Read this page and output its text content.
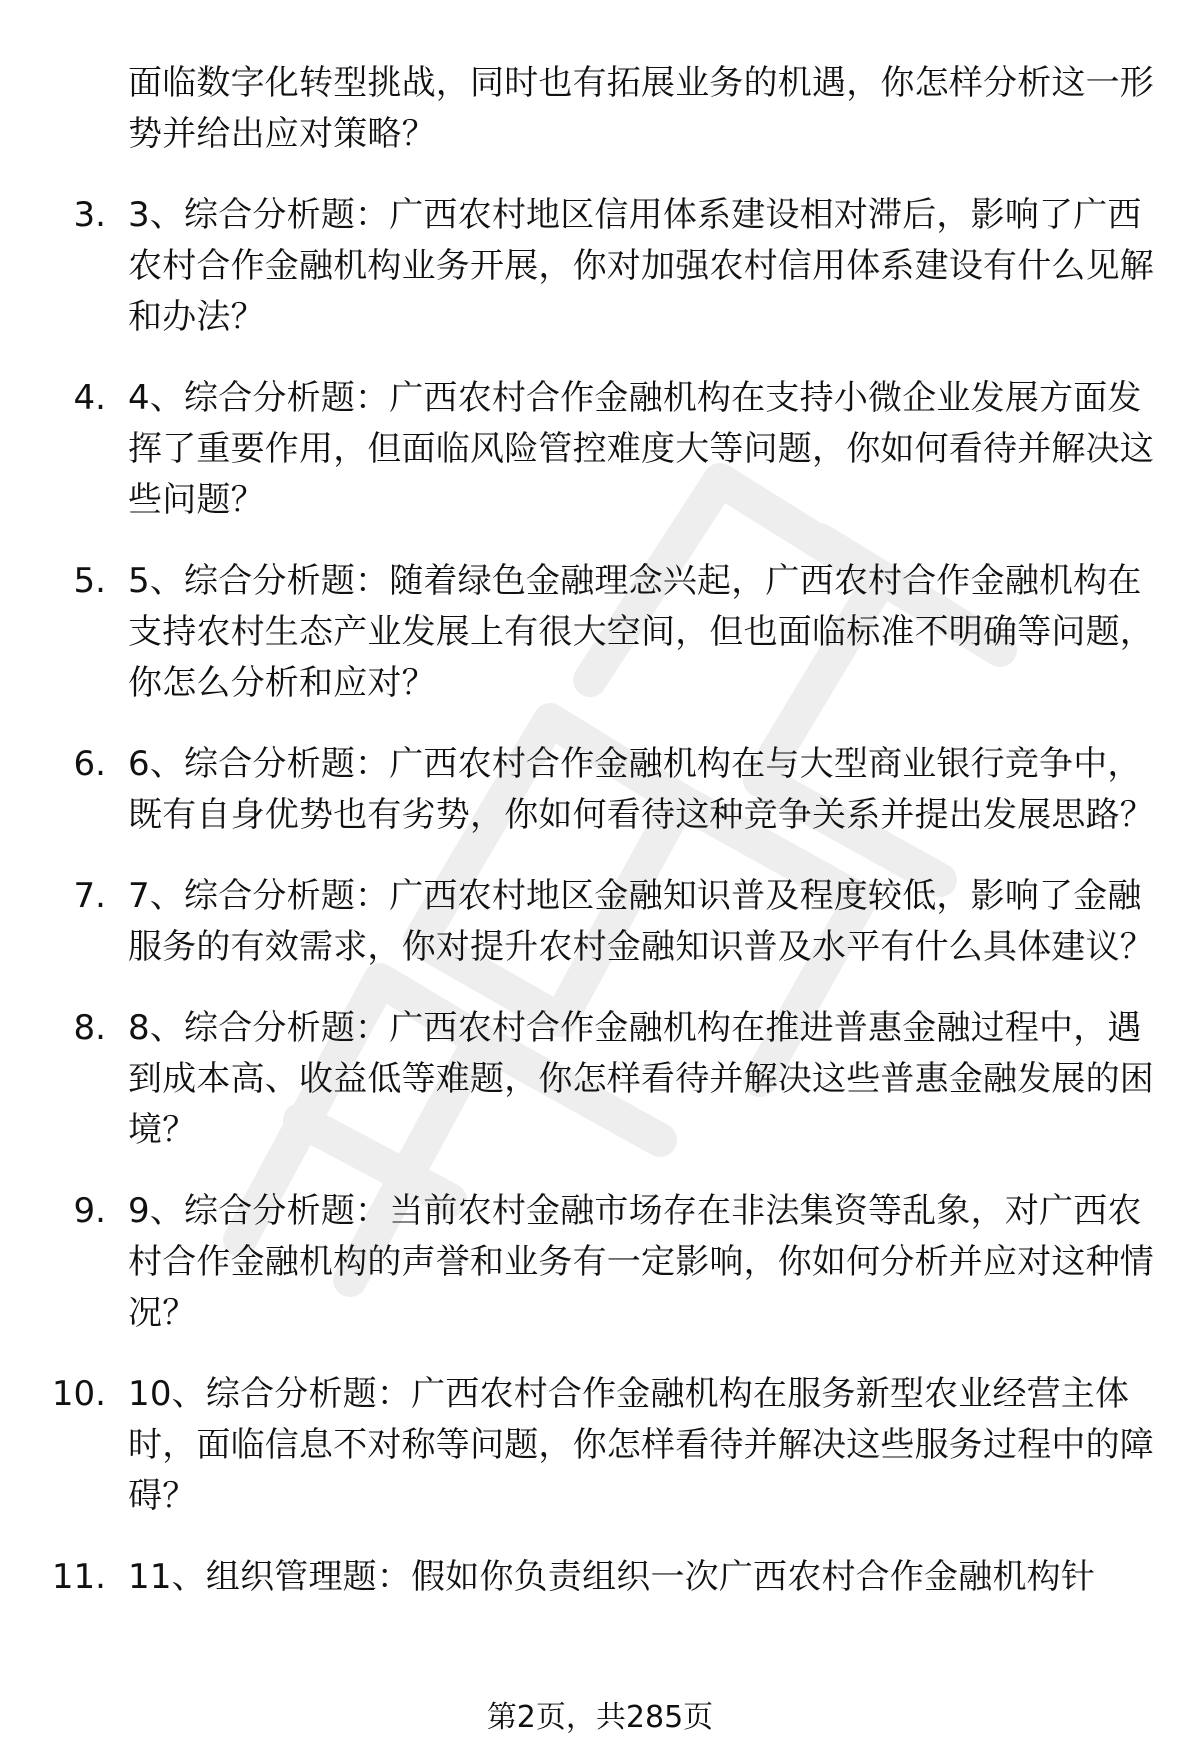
面临数字化转型挑战，同时也有拓展业务的机遇，你怎样分析这一形势并给出应对策略？

3. 3、综合分析题：广西农村地区信用体系建设相对滞后，影响了广西农村合作金融机构业务开展，你对加强农村信用体系建设有什么见解和办法？
4. 4、综合分析题：广西农村合作金融机构在支持小微企业发展方面发挥了重要作用，但面临风险管控难度大等问题，你如何看待并解决这些问题？
5. 5、综合分析题：随着绿色金融理念兴起，广西农村合作金融机构在支持农村生态产业发展上有很大空间，但也面临标准不明确等问题，你怎么分析和应对？
6. 6、综合分析题：广西农村合作金融机构在与大型商业银行竞争中，既有自身优势也有劣势，你如何看待这种竞争关系并提出发展思路？
7. 7、综合分析题：广西农村地区金融知识普及程度较低，影响了金融服务的有效需求，你对提升农村金融知识普及水平有什么具体建议？
8. 8、综合分析题：广西农村合作金融机构在推进普惠金融过程中，遇到成本高、收益低等难题，你怎样看待并解决这些普惠金融发展的困境？
9. 9、综合分析题：当前农村金融市场存在非法集资等乱象，对广西农村合作金融机构的声誉和业务有一定影响，你如何分析并应对这种情况？
10. 10、综合分析题：广西农村合作金融机构在服务新型农业经营主体时，面临信息不对称等问题，你怎样看待并解决这些服务过程中的障碍？
11. 11、组织管理题：假如你负责组织一次广西农村合作金融机构针
第2页，共285页
